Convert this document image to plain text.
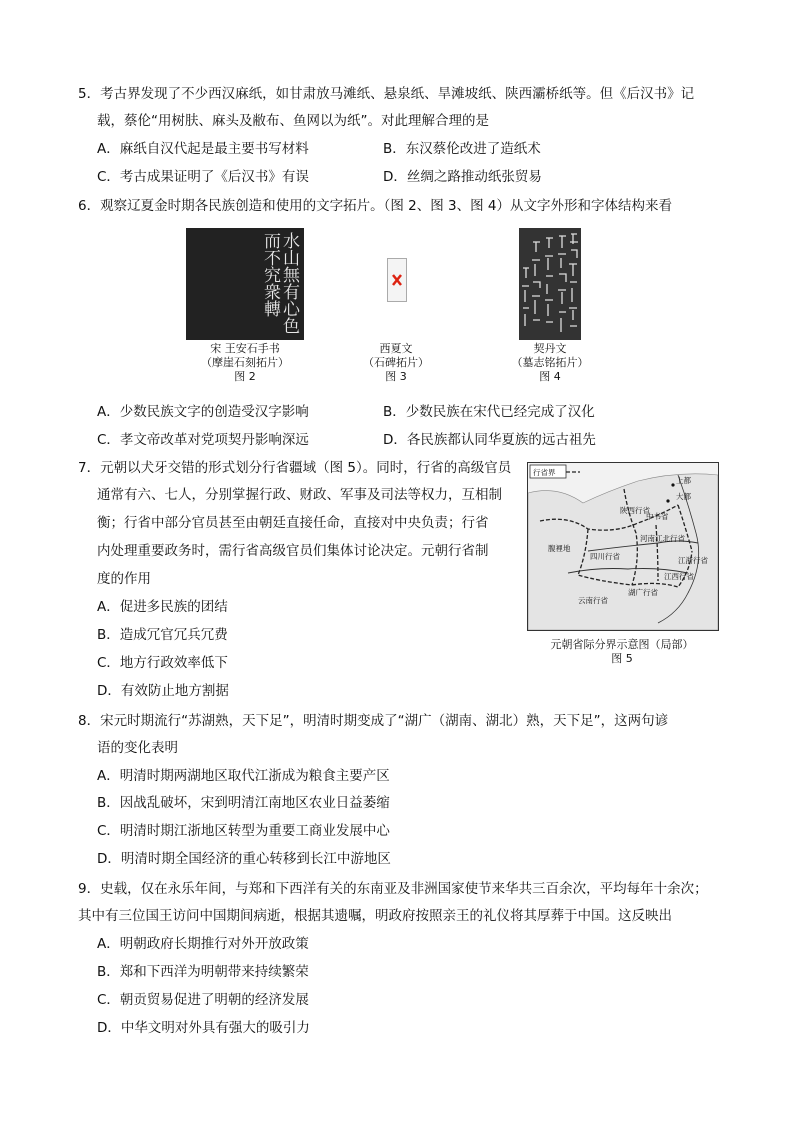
5．考古界发现了不少西汉麻纸，如甘肃放马滩纸、悬泉纸、旱滩坡纸、陕西灞桥纸等。但《后汉书》记
载，蔡伦“用树肤、麻头及敝布、鱼网以为纸”。对此理解合理的是
A．麻纸自汉代起是最主要书写材料	B．东汉蔡伦改进了造纸术
C．考古成果证明了《后汉书》有误	D．丝绸之路推动纸张贸易
6．观察辽夏金时期各民族创造和使用的文字拓片。（图 2、图 3、图 4）从文字外形和字体结构来看
水山無有心色而不究衆轉
宋 王安石手书
（摩崖石刻拓片）
图 2
西夏文
（石碑拓片）
图 3
契丹文
（墓志铭拓片）
图 4
A．少数民族文字的创造受汉字影响	B．少数民族在宋代已经完成了汉化
C．孝文帝改革对党项契丹影响深远	D．各民族都认同华夏族的远古祖先
7．元朝以犬牙交错的形式划分行省疆域（图 5）。同时，行省的高级官员
通常有六、七人，分别掌握行政、财政、军事及司法等权力，互相制
衡；行省中部分官员甚至由朝廷直接任命，直接对中央负责；行省
内处理重要政务时，需行省高级官员们集体讨论决定。元朝行省制
度的作用
A．促进多民族的团结
B．造成冗官冗兵冗费
C．地方行政效率低下
D．有效防止地方割据
行省界
上都
大都
陕西行省
中书省
河南江北行省
腹裡地
四川行省	江浙行省
江西行省
湖广行省
云南行省
元朝省际分界示意图（局部）
图 5
8．宋元时期流行“苏湖熟，天下足”，明清时期变成了“湖广（湖南、湖北）熟，天下足”，这两句谚
语的变化表明
A．明清时期两湖地区取代江浙成为粮食主要产区
B．因战乱破坏，宋到明清江南地区农业日益萎缩
C．明清时期江浙地区转型为重要工商业发展中心
D．明清时期全国经济的重心转移到长江中游地区
9．史载，仅在永乐年间，与郑和下西洋有关的东南亚及非洲国家使节来华共三百余次，平均每年十余次；
其中有三位国王访问中国期间病逝，根据其遗嘱，明政府按照亲王的礼仪将其厚葬于中国。这反映出
A．明朝政府长期推行对外开放政策
B．郑和下西洋为明朝带来持续繁荣
C．朝贡贸易促进了明朝的经济发展
D．中华文明对外具有强大的吸引力
